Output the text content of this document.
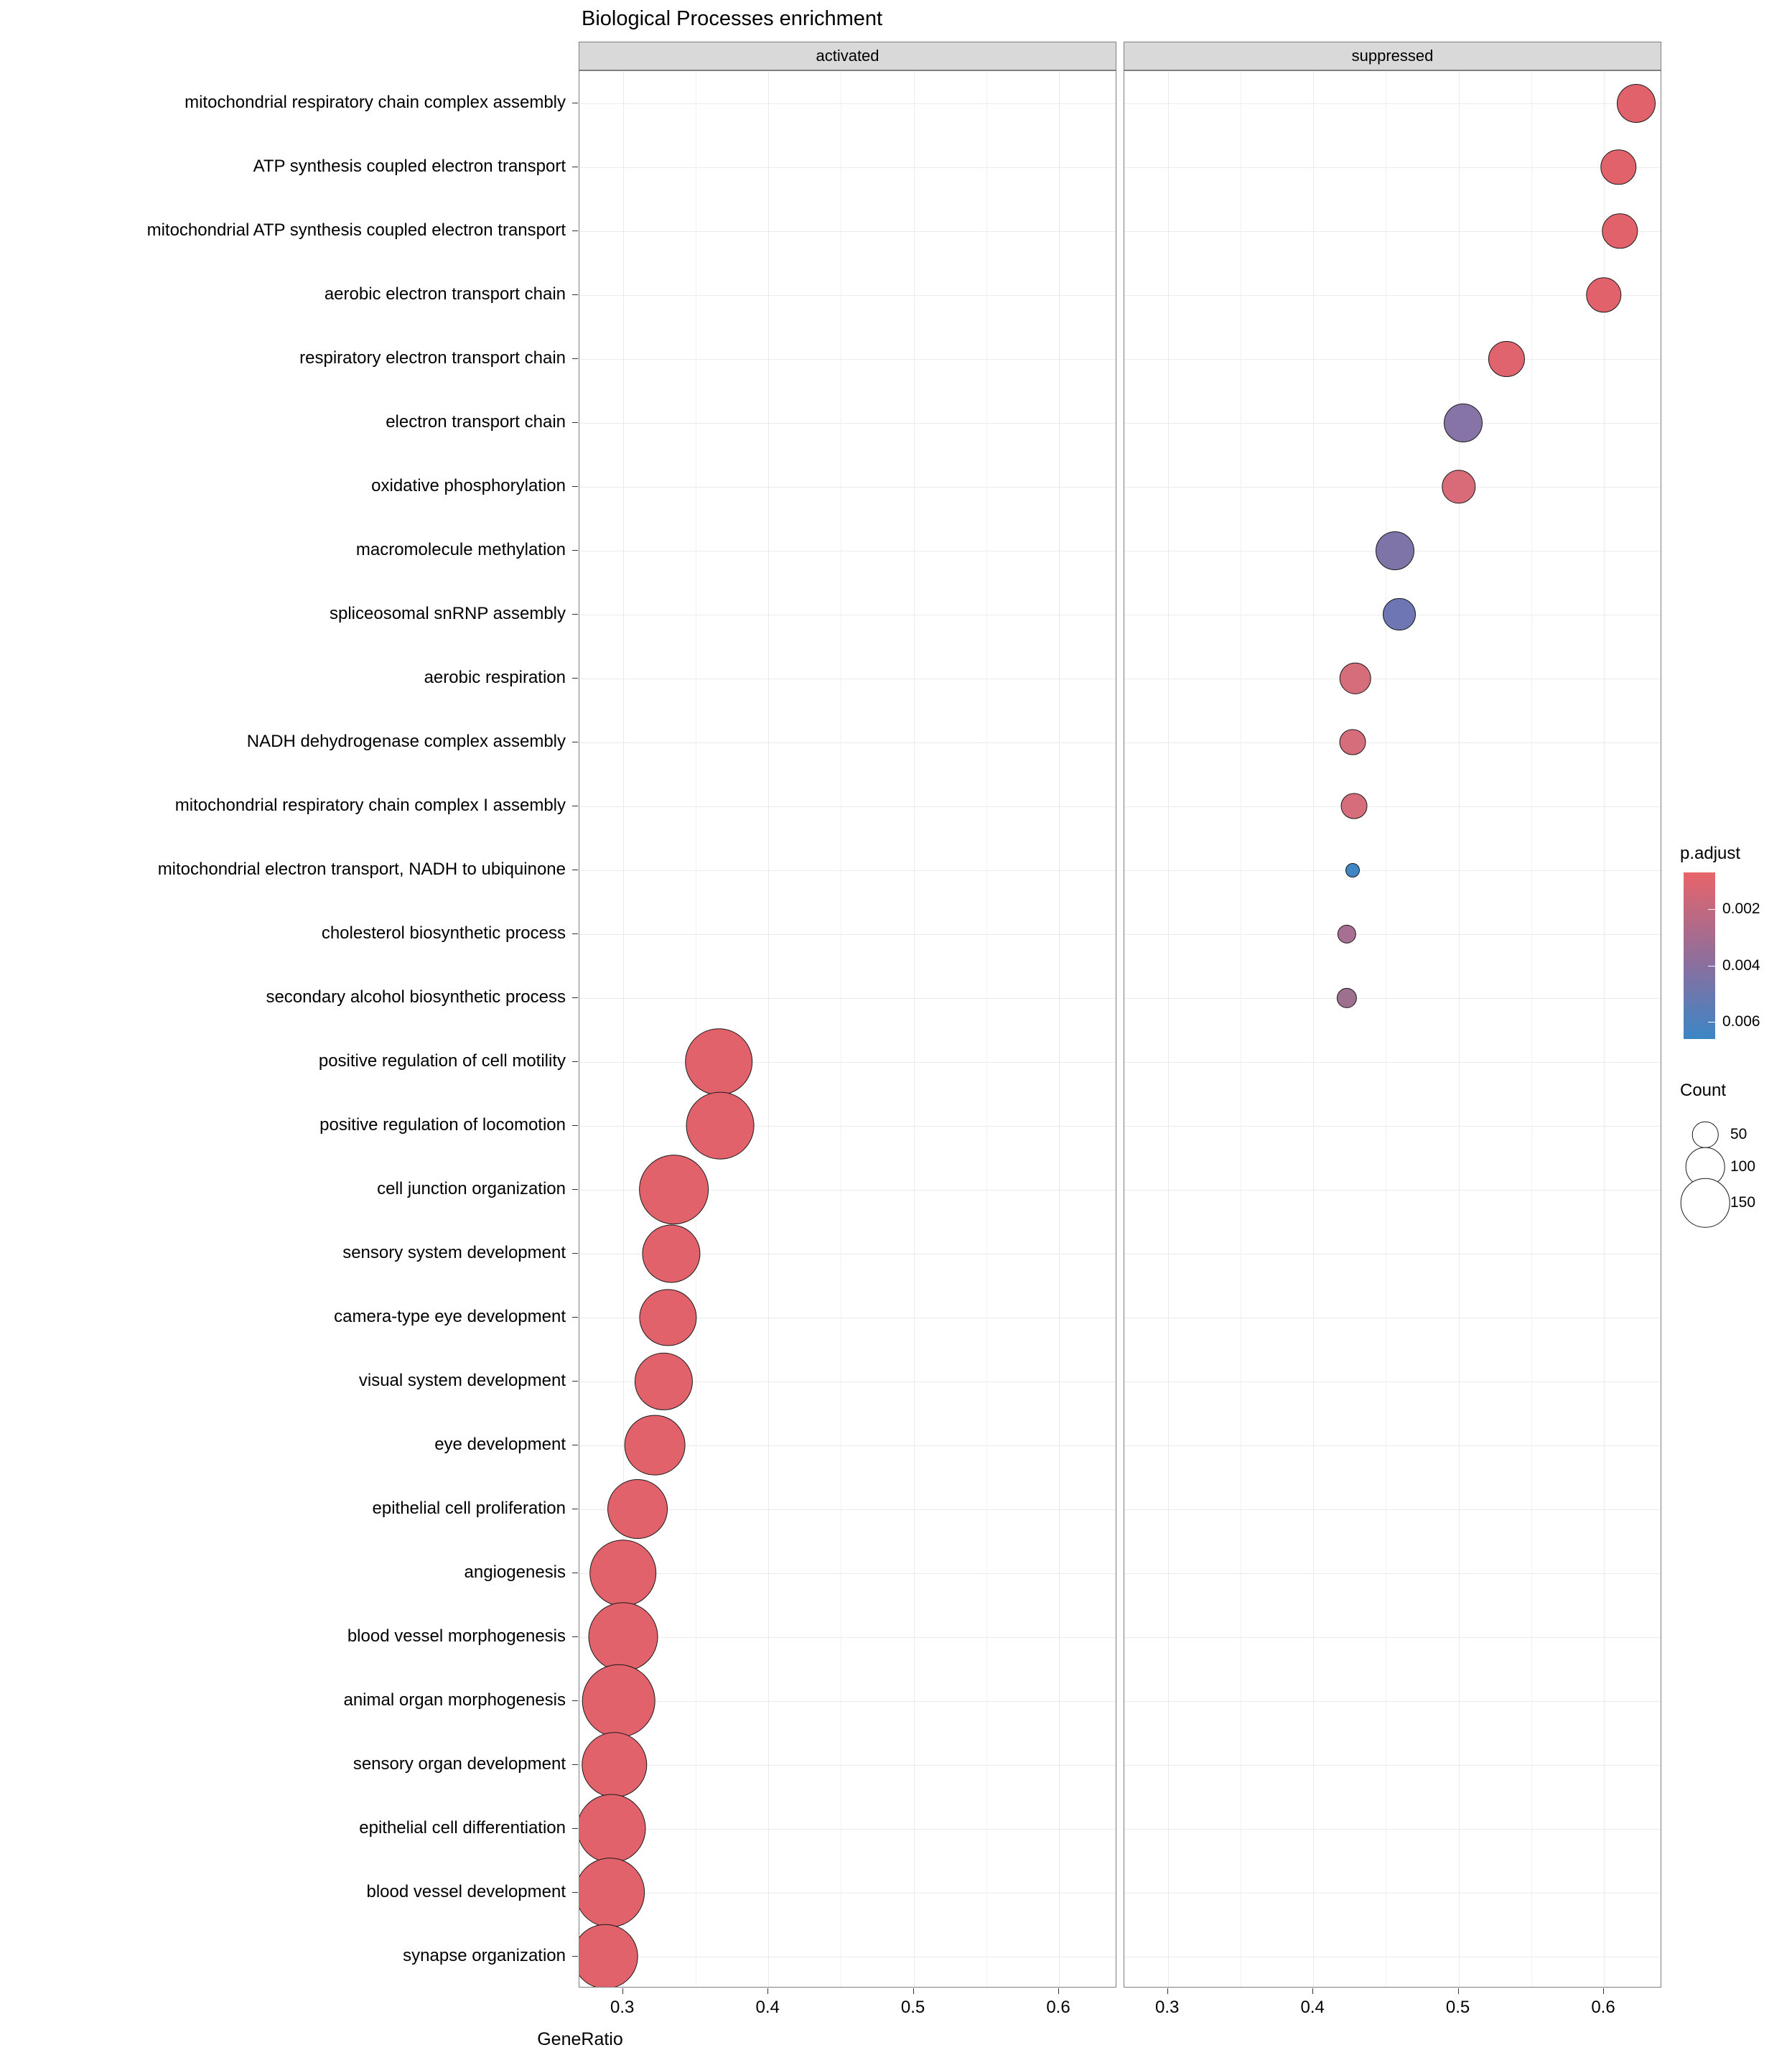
Biological Processes enrichment
activated	suppressed
mitochondrial respiratory chain complex assembly
ATP synthesis coupled electron transport
mitochondrial ATP synthesis coupled electron transport
aerobic electron transport chain
respiratory electron transport chain
electron transport chain
oxidative phosphorylation
macromolecule methylation
spliceosomal snRNP assembly
aerobic respiration
NADH dehydrogenase complex assembly
mitochondrial respiratory chain complex I assembly
mitochondrial electron transport, NADH to ubiquinone
cholesterol biosynthetic process
secondary alcohol biosynthetic process
positive regulation of cell motility
positive regulation of locomotion
cell junction organization
sensory system development
camera-type eye development
visual system development
eye development
epithelial cell proliferation
angiogenesis
blood vessel morphogenesis
animal organ morphogenesis
sensory organ development
epithelial cell differentiation
blood vessel development
synapse organization
0.3	0.4	0.5	0.6	0.3	0.4	0.5	0.6
GeneRatio
p.adjust
0.002
0.004
0.006
Count
50
100
150
